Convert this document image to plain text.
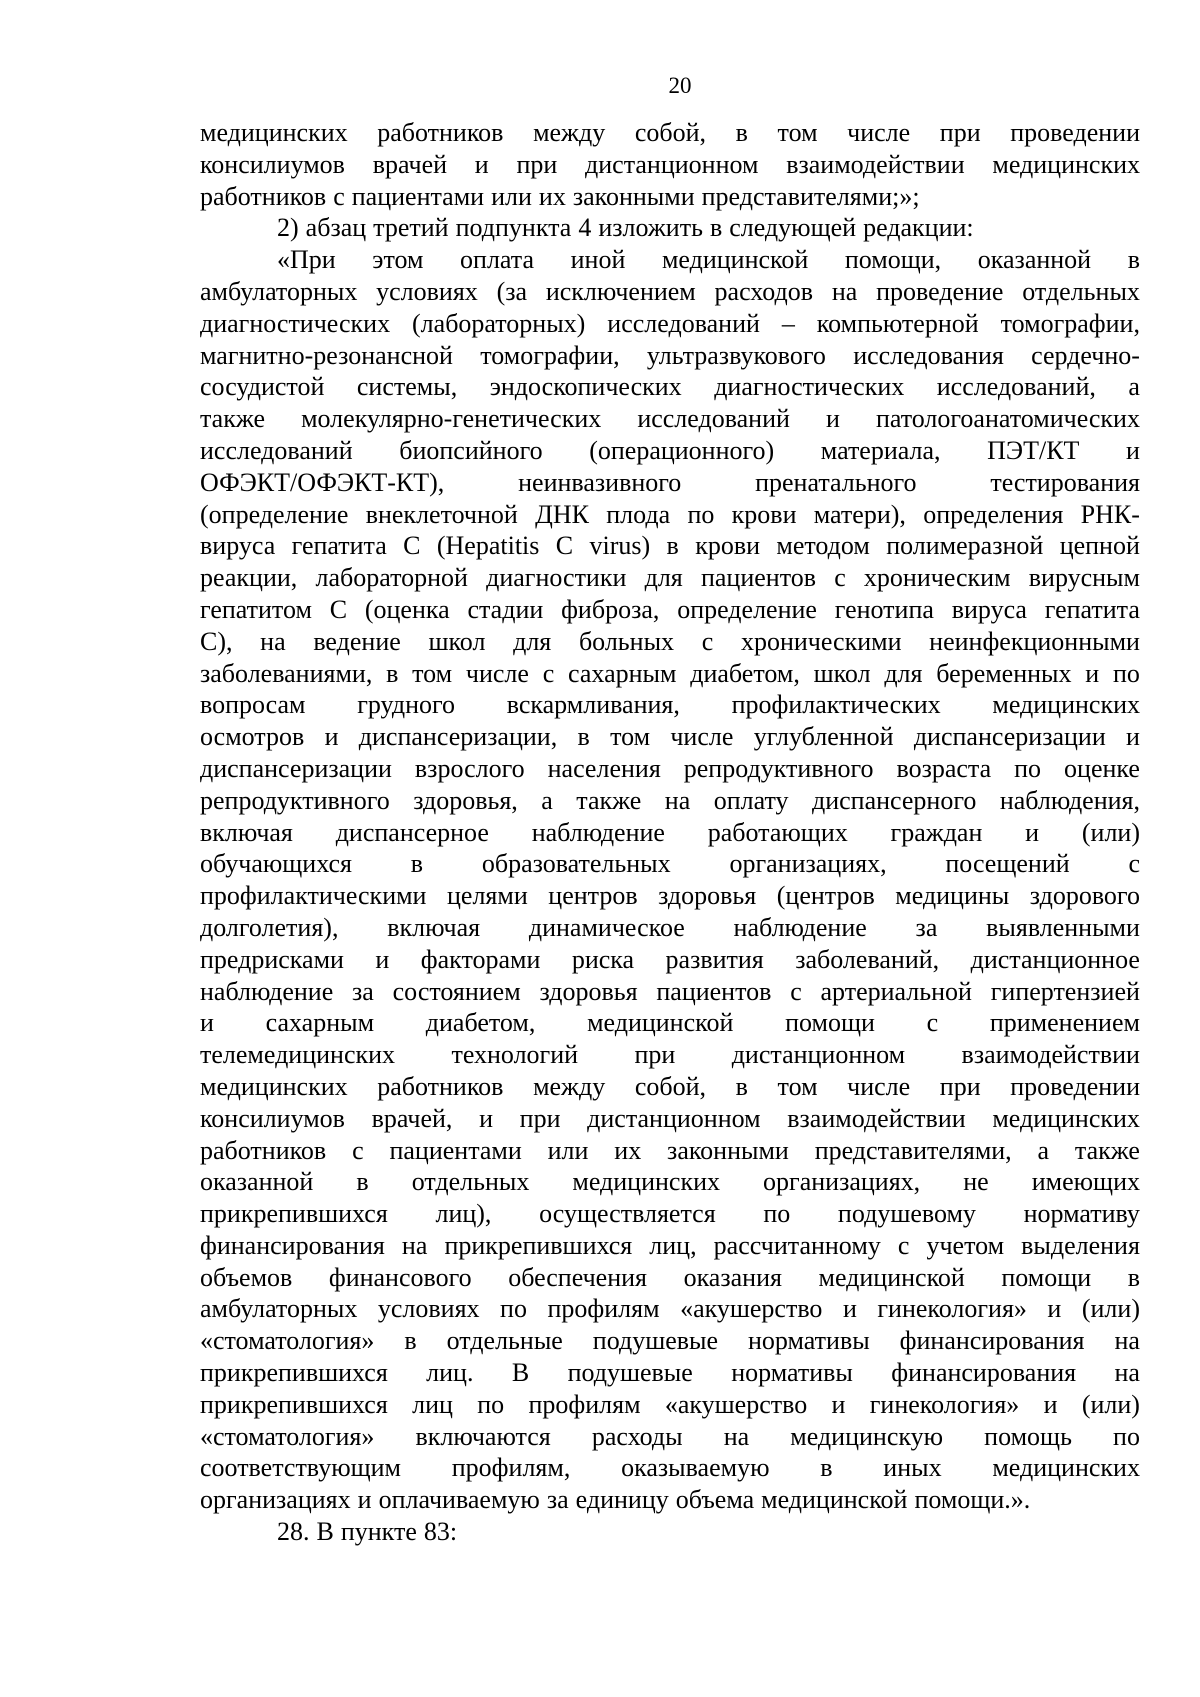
20
медицинских работников между собой, в том числе при проведении
консилиумов врачей и при дистанционном взаимодействии медицинских
работников с пациентами или их законными представителями;»;
2) абзац третий подпункта 4 изложить в следующей редакции:
«При этом оплата иной медицинской помощи, оказанной в
амбулаторных условиях (за исключением расходов на проведение отдельных
диагностических (лабораторных) исследований – компьютерной томографии,
магнитно-резонансной томографии, ультразвукового исследования сердечно-
сосудистой системы, эндоскопических диагностических исследований, а
также молекулярно-генетических исследований и патологоанатомических
исследований биопсийного (операционного) материала, ПЭТ/КТ и
ОФЭКТ/ОФЭКТ-КТ),	неинвазивного	пренатального	тестирования
(определение внеклеточной ДНК плода по крови матери), определения РНК-
вируса гепатита С (Hepatitis C virus) в крови методом полимеразной цепной
реакции, лабораторной диагностики для пациентов с хроническим вирусным
гепатитом С (оценка стадии фиброза, определение генотипа вируса гепатита
С), на ведение школ для больных с хроническими неинфекционными
заболеваниями, в том числе с сахарным диабетом, школ для беременных и по
вопросам грудного вскармливания, профилактических медицинских
осмотров и диспансеризации, в том числе углубленной диспансеризации и
диспансеризации взрослого населения репродуктивного возраста по оценке
репродуктивного здоровья, а также на оплату диспансерного наблюдения,
включая диспансерное наблюдение работающих граждан и (или)
обучающихся в образовательных организациях, посещений с
профилактическими целями центров здоровья (центров медицины здорового
долголетия), включая динамическое наблюдение за выявленными
предрисками и факторами риска развития заболеваний, дистанционное
наблюдение за состоянием здоровья пациентов с артериальной гипертензией
и сахарным диабетом, медицинской помощи с применением
телемедицинских технологий при дистанционном взаимодействии
медицинских работников между собой, в том числе при проведении
консилиумов врачей, и при дистанционном взаимодействии медицинских
работников с пациентами или их законными представителями, а также
оказанной в отдельных медицинских организациях, не имеющих
прикрепившихся лиц), осуществляется по подушевому нормативу
финансирования на прикрепившихся лиц, рассчитанному с учетом выделения
объемов финансового обеспечения оказания медицинской помощи в
амбулаторных условиях по профилям «акушерство и гинекология» и (или)
«стоматология» в отдельные подушевые нормативы финансирования на
прикрепившихся лиц. В подушевые нормативы финансирования на
прикрепившихся лиц по профилям «акушерство и гинекология» и (или)
«стоматология» включаются расходы на медицинскую помощь по
соответствующим профилям, оказываемую в иных медицинских
организациях и оплачиваемую за единицу объема медицинской помощи.».
28. В пункте 83:
